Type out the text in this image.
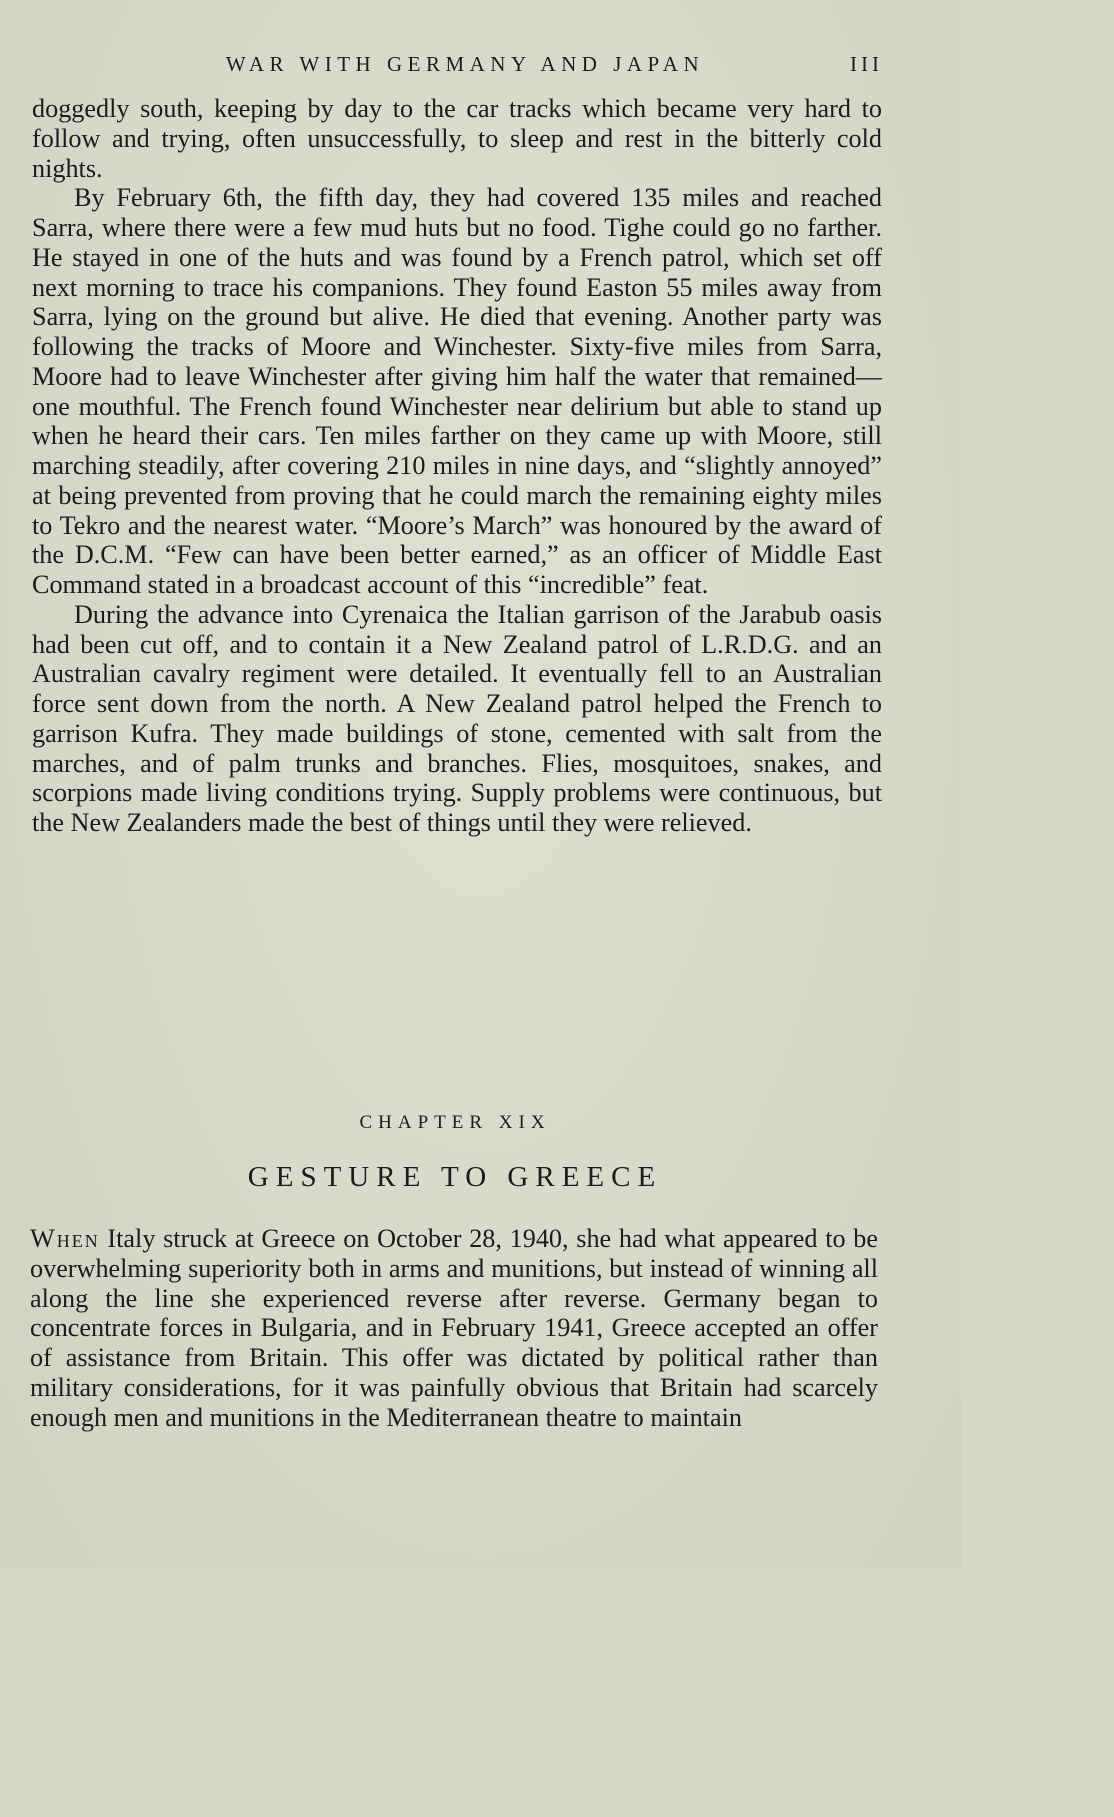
WAR WITH GERMANY AND JAPAN	III

doggedly south, keeping by day to the car tracks which became very hard to follow and trying, often unsuccessfully, to sleep and rest in the bitterly cold nights.

By February 6th, the fifth day, they had covered 135 miles and reached Sarra, where there were a few mud huts but no food. Tighe could go no farther. He stayed in one of the huts and was found by a French patrol, which set off next morning to trace his companions. They found Easton 55 miles away from Sarra, lying on the ground but alive. He died that evening. Another party was following the tracks of Moore and Winchester. Sixty-five miles from Sarra, Moore had to leave Winchester after giving him half the water that remained—one mouthful. The French found Winchester near delirium but able to stand up when he heard their cars. Ten miles farther on they came up with Moore, still marching steadily, after covering 210 miles in nine days, and “slightly annoyed” at being prevented from proving that he could march the remaining eighty miles to Tekro and the nearest water. “Moore’s March” was honoured by the award of the D.C.M. “Few can have been better earned,” as an officer of Middle East Command stated in a broadcast account of this “incredible” feat.

During the advance into Cyrenaica the Italian garrison of the Jarabub oasis had been cut off, and to contain it a New Zealand patrol of L.R.D.G. and an Australian cavalry regiment were detailed. It eventually fell to an Australian force sent down from the north. A New Zealand patrol helped the French to garrison Kufra. They made buildings of stone, cemented with salt from the marches, and of palm trunks and branches. Flies, mosquitoes, snakes, and scorpions made living conditions trying. Supply problems were continuous, but the New Zealanders made the best of things until they were relieved.

CHAPTER XIX
GESTURE TO GREECE

When Italy struck at Greece on October 28, 1940, she had what appeared to be overwhelming superiority both in arms and munitions, but instead of winning all along the line she experienced reverse after reverse. Germany began to concentrate forces in Bulgaria, and in February 1941, Greece accepted an offer of assistance from Britain. This offer was dictated by political rather than military considerations, for it was painfully obvious that Britain had scarcely enough men and munitions in the Mediterranean theatre to maintain
